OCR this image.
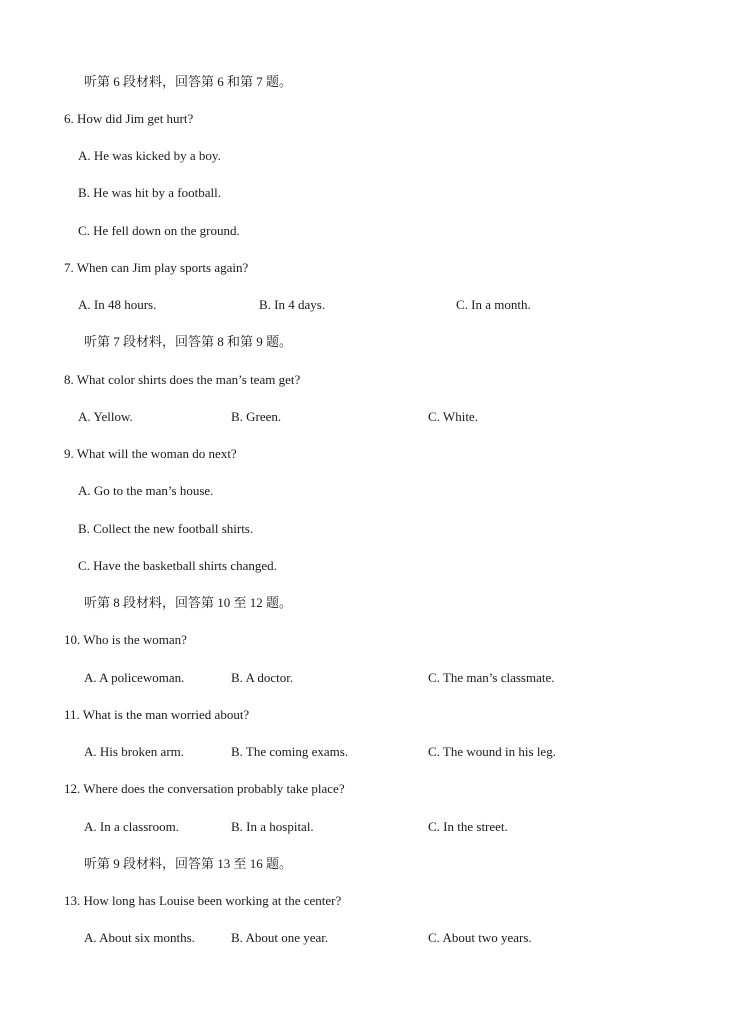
听第 6 段材料，回答第 6 和第 7 题。
6. How did Jim get hurt?
A. He was kicked by a boy.
B. He was hit by a football.
C. He fell down on the ground.
7. When can Jim play sports again?
A. In 48 hours.	B. In 4 days.	C. In a month.
听第 7 段材料，回答第 8 和第 9 题。
8. What color shirts does the man’s team get?
A. Yellow.	B. Green.	C. White.
9. What will the woman do next?
A. Go to the man’s house.
B. Collect the new football shirts.
C. Have the basketball shirts changed.
听第 8 段材料，回答第 10 至 12 题。
10. Who is the woman?
A. A policewoman.	B. A doctor.	C. The man’s classmate.
11. What is the man worried about?
A. His broken arm.	B. The coming exams.	C. The wound in his leg.
12. Where does the conversation probably take place?
A. In a classroom.	B. In a hospital.	C. In the street.
听第 9 段材料，回答第 13 至 16 题。
13. How long has Louise been working at the center?
A. About six months.	B. About one year.	C. About two years.
